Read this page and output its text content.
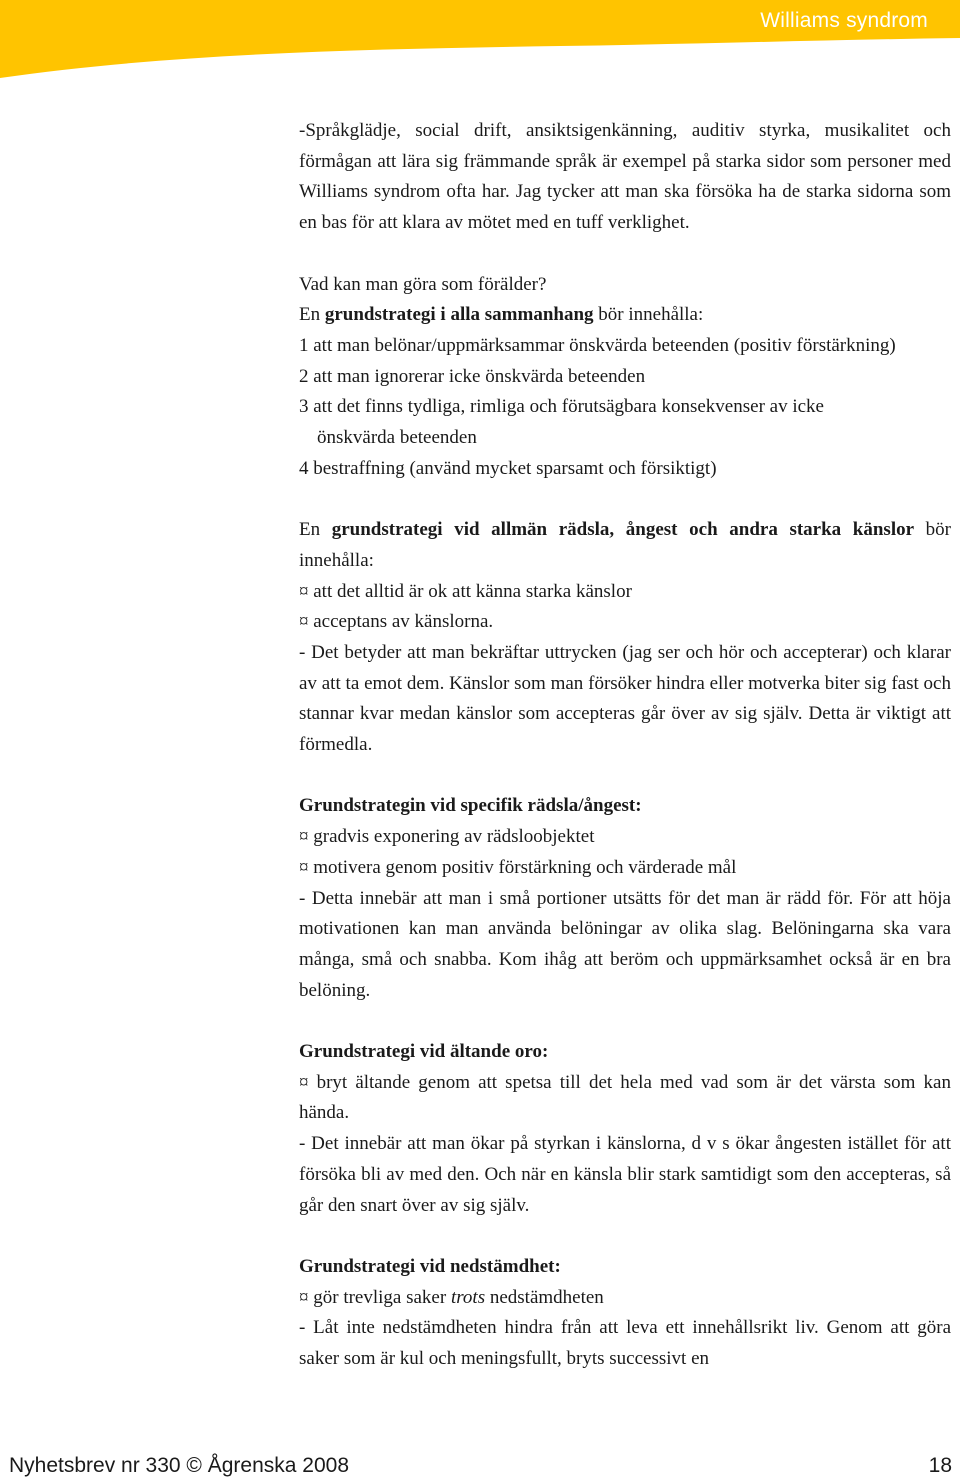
Williams syndrom

-Språkglädje, social drift, ansiktsigenkänning, auditiv styrka, musikalitet och förmågan att lära sig främmande språk är exempel på starka sidor som personer med Williams syndrom ofta har. Jag tycker att man ska försöka ha de starka sidorna som en bas för att klara av mötet med en tuff verklighet.

Vad kan man göra som förälder?

En grundstrategi i alla sammanhang bör innehålla:

1 att man belönar/uppmärksammar önskvärda beteenden (positiv förstärkning)

2 att man ignorerar icke önskvärda beteenden

3 att det finns tydliga, rimliga och förutsägbara konsekvenser av icke

önskvärda beteenden

4 bestraffning (använd mycket sparsamt och försiktigt)

En grundstrategi vid allmän rädsla, ångest och andra starka känslor bör innehålla:

¤ att det alltid är ok att känna starka känslor

¤ acceptans av känslorna.

- Det betyder att man bekräftar uttrycken (jag ser och hör och accepterar) och klarar av att ta emot dem. Känslor som man försöker hindra eller motverka biter sig fast och stannar kvar medan känslor som accepteras går över av sig själv. Detta är viktigt att förmedla.

Grundstrategin vid specifik rädsla/ångest:

¤ gradvis exponering av rädsloobjektet

¤ motivera genom positiv förstärkning och värderade mål

- Detta innebär att man i små portioner utsätts för det man är rädd för. För att höja motivationen kan man använda belöningar av olika slag. Belöningarna ska vara många, små och snabba. Kom ihåg att beröm och uppmärksamhet också är en bra belöning.

Grundstrategi vid ältande oro:

¤ bryt ältande genom att spetsa till det hela med vad som är det värsta som kan hända.

- Det innebär att man ökar på styrkan i känslorna, d v s ökar ångesten istället för att försöka bli av med den. Och när en känsla blir stark samtidigt som den accepteras, så går den snart över av sig själv.

Grundstrategi vid nedstämdhet:

¤ gör trevliga saker trots nedstämdheten

- Låt inte nedstämdheten hindra från att leva ett innehållsrikt liv. Genom att göra saker som är kul och meningsfullt, bryts successivt en

Nyhetsbrev nr 330 © Ågrenska 2008	18
